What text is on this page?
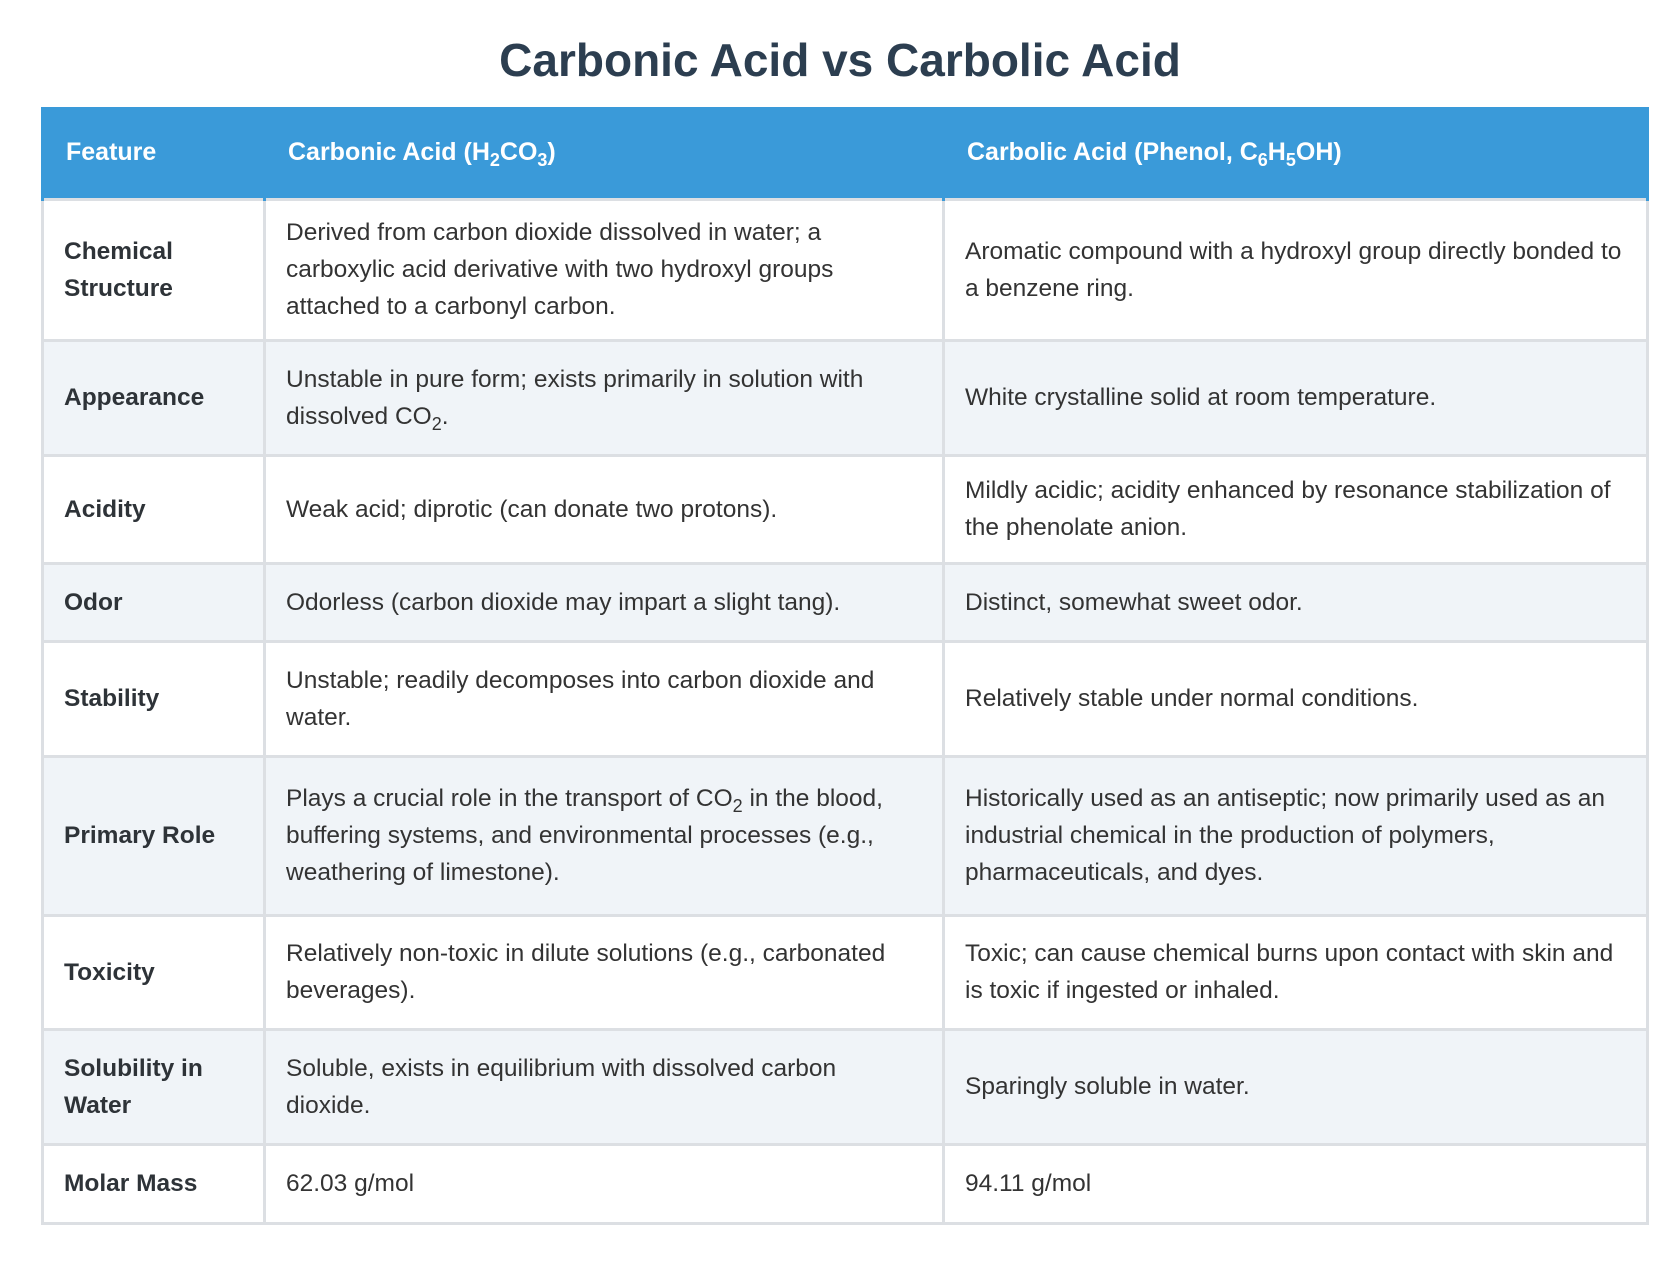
Carbonic Acid vs Carbolic Acid
Feature	Carbonic Acid $(H_2CO_3)$	Carbolic Acid (Phenol, $C_6H_5OH$)
Chemical Structure	Derived from carbon dioxide dissolved in water; a carboxylic acid derivative with two hydroxyl groups attached to a carbonyl carbon.	Aromatic compound with a hydroxyl group directly bonded to a benzene ring.
Appearance	Unstable in pure form; exists primarily in solution with dissolved $CO_2$.	White crystalline solid at room temperature.
Acidity	Weak acid; diprotic (can donate two protons).	Mildly acidic; acidity enhanced by resonance stabilization of the phenolate anion.
Odor	Odorless (carbon dioxide may impart a slight tang).	Distinct, somewhat sweet odor.
Stability	Unstable; readily decomposes into carbon dioxide and water.	Relatively stable under normal conditions.
Primary Role	Plays a crucial role in the transport of $CO_2$ in the blood, buffering systems, and environmental processes (e.g., weathering of limestone).	Historically used as an antiseptic; now primarily used as an industrial chemical in the production of polymers, pharmaceuticals, and dyes.
Toxicity	Relatively non-toxic in dilute solutions (e.g., carbonated beverages).	Toxic; can cause chemical burns upon contact with skin and is toxic if ingested or inhaled.
Solubility in Water	Soluble, exists in equilibrium with dissolved carbon dioxide.	Sparingly soluble in water.
Molar Mass	62.03 g/mol	94.11 g/mol
